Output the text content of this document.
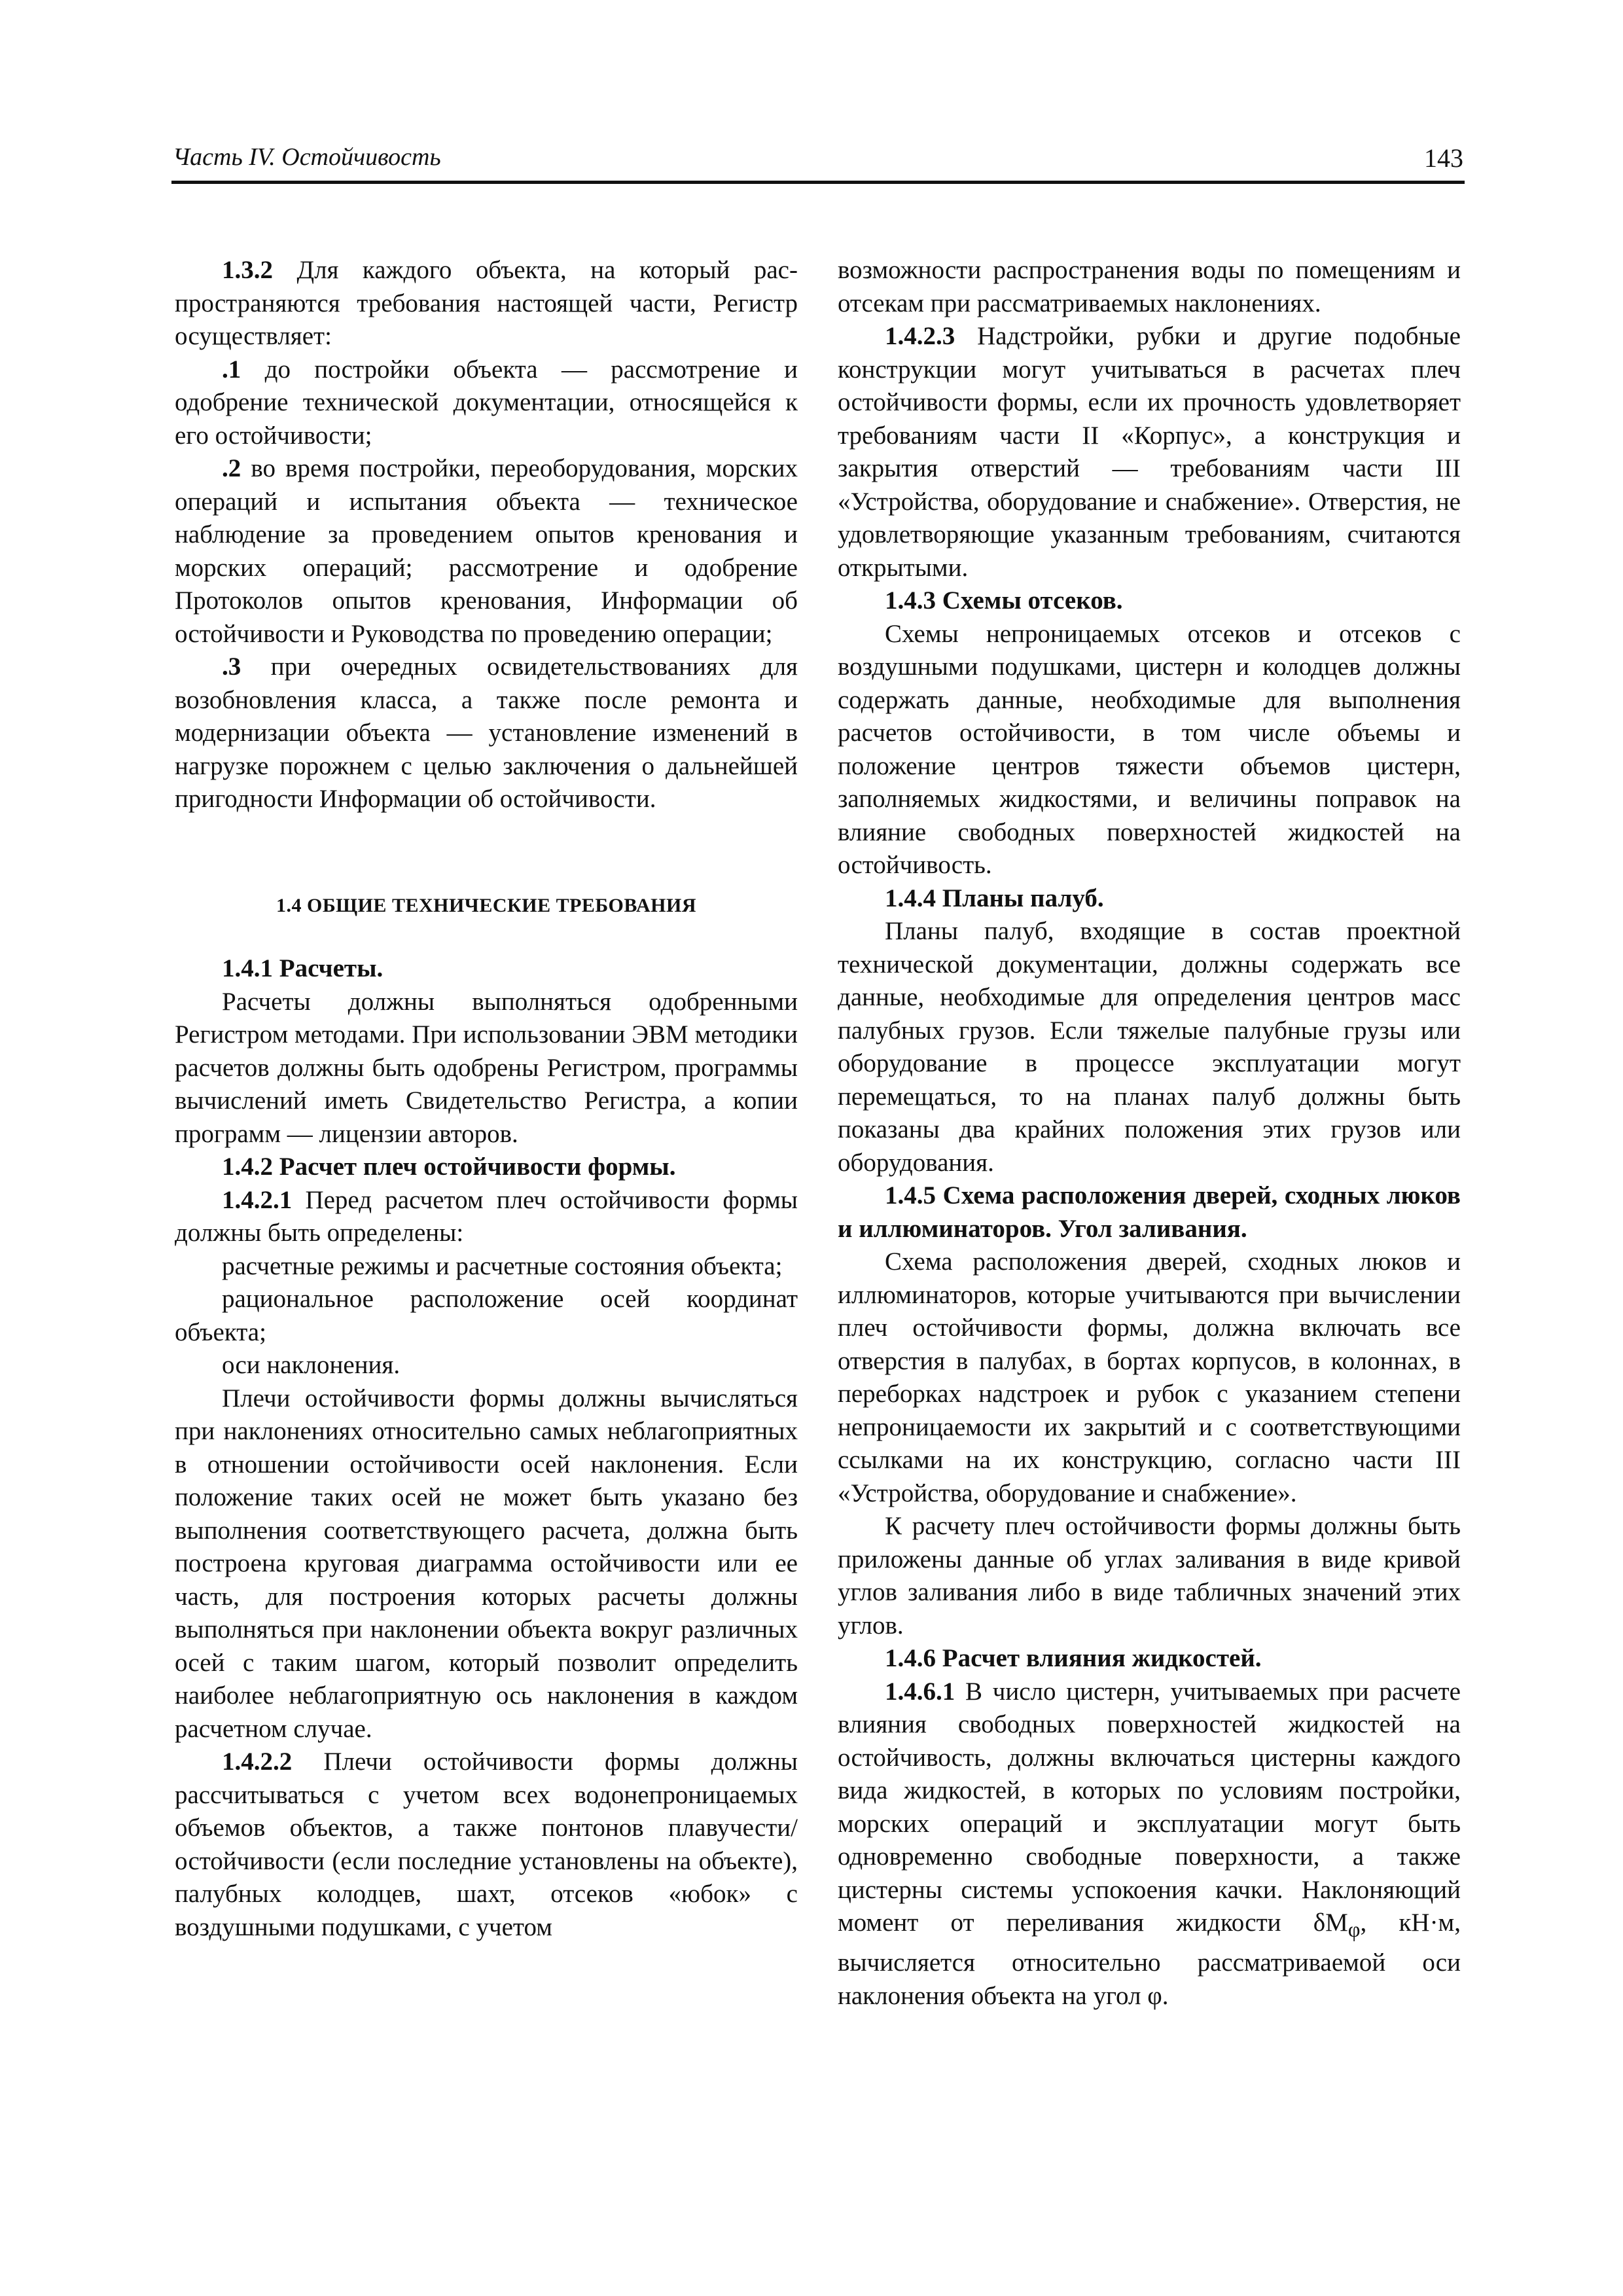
Часть IV. Остойчивость	143

1.3.2 Для каждого объекта, на который распространяются требования настоящей части, Регистр осуществляет:

.1 до постройки объекта — рассмотрение и одобрение технической документации, относящейся к его остойчивости;

.2 во время постройки, переоборудования, морских операций и испытания объекта — техническое наблюдение за проведением опытов кренования и морских операций; рассмотрение и одобрение Протоколов опытов кренования, Информации об остойчивости и Руководства по проведению операции;

.3 при очередных освидетельствованиях для возобновления класса, а также после ремонта и модернизации объекта — установление изменений в нагрузке порожнем с целью заключения о дальнейшей пригодности Информации об остойчивости.

1.4 ОБЩИЕ ТЕХНИЧЕСКИЕ ТРЕБОВАНИЯ

1.4.1 Расчеты.

Расчеты должны выполняться одобренными Регистром методами. При использовании ЭВМ методики расчетов должны быть одобрены Регистром, программы вычислений иметь Свидетельство Регистра, а копии программ — лицензии авторов.

1.4.2 Расчет плеч остойчивости формы.

1.4.2.1 Перед расчетом плеч остойчивости формы должны быть определены:

расчетные режимы и расчетные состояния объекта;

рациональное расположение осей координат объекта;

оси наклонения.

Плечи остойчивости формы должны вычисляться при наклонениях относительно самых неблагоприятных в отношении остойчивости осей наклонения. Если положение таких осей не может быть указано без выполнения соответствующего расчета, должна быть построена круговая диаграмма остойчивости или ее часть, для построения которых расчеты должны выполняться при наклонении объекта вокруг различных осей с таким шагом, который позволит определить наиболее неблагоприятную ось наклонения в каждом расчетном случае.

1.4.2.2 Плечи остойчивости формы должны рассчитываться с учетом всех водонепроницаемых объемов объектов, а также понтонов плавучести/остойчивости (если последние установлены на объекте), палубных колодцев, шахт, отсеков «юбок» с воздушными подушками, с учетом

возможности распространения воды по помещениям и отсекам при рассматриваемых наклонениях.

1.4.2.3 Надстройки, рубки и другие подобные конструкции могут учитываться в расчетах плеч остойчивости формы, если их прочность удовлетворяет требованиям части II «Корпус», а конструкция и закрытия отверстий — требованиям части III «Устройства, оборудование и снабжение». Отверстия, не удовлетворяющие указанным требованиям, считаются открытыми.

1.4.3 Схемы отсеков.

Схемы непроницаемых отсеков и отсеков с воздушными подушками, цистерн и колодцев должны содержать данные, необходимые для выполнения расчетов остойчивости, в том числе объемы и положение центров тяжести объемов цистерн, заполняемых жидкостями, и величины поправок на влияние свободных поверхностей жидкостей на остойчивость.

1.4.4 Планы палуб.

Планы палуб, входящие в состав проектной технической документации, должны содержать все данные, необходимые для определения центров масс палубных грузов. Если тяжелые палубные грузы или оборудование в процессе эксплуатации могут перемещаться, то на планах палуб должны быть показаны два крайних положения этих грузов или оборудования.

1.4.5 Схема расположения дверей, сходных люков и иллюминаторов. Угол заливания.

Схема расположения дверей, сходных люков и иллюминаторов, которые учитываются при вычислении плеч остойчивости формы, должна включать все отверстия в палубах, в бортах корпусов, в колоннах, в переборках надстроек и рубок с указанием степени непроницаемости их закрытий и с соответствующими ссылками на их конструкцию, согласно части III «Устройства, оборудование и снабжение».

К расчету плеч остойчивости формы должны быть приложены данные об углах заливания в виде кривой углов заливания либо в виде табличных значений этих углов.

1.4.6 Расчет влияния жидкостей.

1.4.6.1 В число цистерн, учитываемых при расчете влияния свободных поверхностей жидкостей на остойчивость, должны включаться цистерны каждого вида жидкостей, в которых по условиям постройки, морских операций и эксплуатации могут быть одновременно свободные поверхности, а также цистерны системы успокоения качки. Наклоняющий момент от переливания жидкости $\delta M_\varphi$, кН·м, вычисляется относительно рассматриваемой оси наклонения объекта на угол φ.
